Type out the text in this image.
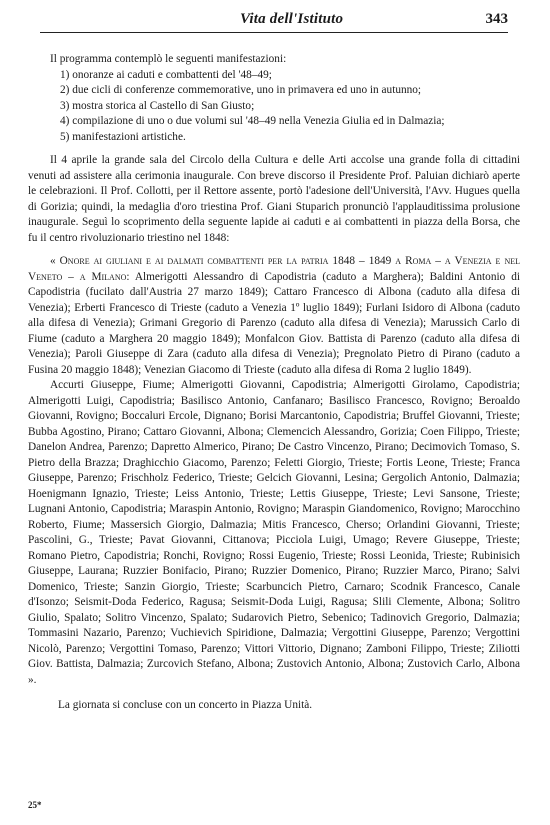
Vita dell'Istituto	343

Il programma contemplò le seguenti manifestazioni:

1) onoranze ai caduti e combattenti del '48–49;
2) due cicli di conferenze commemorative, uno in primavera ed uno in autunno;
3) mostra storica al Castello di San Giusto;
4) compilazione di uno o due volumi sul '48–49 nella Venezia Giulia ed in Dalmazia;
5) manifestazioni artistiche.

Il 4 aprile la grande sala del Circolo della Cultura e delle Arti accolse una grande folla di cittadini venuti ad assistere alla cerimonia inaugurale. Con breve discorso il Presidente Prof. Paluian dichiarò aperte le celebrazioni. Il Prof. Collotti, per il Rettore assente, portò l'adesione dell'Università, l'Avv. Hugues quella di Gorizia; quindi, la medaglia d'oro triestina Prof. Giani Stuparich pronunciò l'applauditissima prolusione inaugurale. Seguì lo scoprimento della seguente lapide ai caduti e ai combattenti in piazza della Borsa, che fu il centro rivoluzionario triestino nel 1848:

« Onore ai giuliani e ai dalmati combattenti per la patria 1848 – 1849 a Roma – a Venezia e nel Veneto – a Milano: Almerigotti Alessandro di Capodistria (caduto a Marghera); Baldini Antonio di Capodistria (fucilato dall'Austria 27 marzo 1849); Cattaro Francesco di Albona (caduto alla difesa di Venezia); Erberti Francesco di Trieste (caduto a Venezia 1º luglio 1849); Furlani Isidoro di Albona (caduto alla difesa di Venezia); Grimani Gregorio di Parenzo (caduto alla difesa di Venezia); Marussich Carlo di Fiume (caduto a Marghera 20 maggio 1849); Monfalcon Giov. Battista di Parenzo (caduto alla difesa di Venezia); Paroli Giuseppe di Zara (caduto alla difesa di Venezia); Pregnolato Pietro di Pirano (caduto a Fusina 20 maggio 1848); Venezian Giacomo di Trieste (caduto alla difesa di Roma 2 luglio 1849).

Accurti Giuseppe, Fiume; Almerigotti Giovanni, Capodistria; Almerigotti Girolamo, Capodistria; Almerigotti Luigi, Capodistria; Basilisco Antonio, Canfanaro; Basilisco Francesco, Rovigno; Beroaldo Giovanni, Rovigno; Boccaluri Ercole, Dignano; Borisi Marcantonio, Capodistria; Bruffel Giovanni, Trieste; Bubba Agostino, Pirano; Cattaro Giovanni, Albona; Clemencich Alessandro, Gorizia; Coen Filippo, Trieste; Danelon Andrea, Parenzo; Dapretto Almerico, Pirano; De Castro Vincenzo, Pirano; Decimovich Tomaso, S. Pietro della Brazza; Draghicchio Giacomo, Parenzo; Feletti Giorgio, Trieste; Fortis Leone, Trieste; Franca Giuseppe, Parenzo; Frischholz Federico, Trieste; Gelcich Giovanni, Lesina; Gergolich Antonio, Dalmazia; Hoenigmann Ignazio, Trieste; Leiss Antonio, Trieste; Lettis Giuseppe, Trieste; Levi Sansone, Trieste; Lugnani Antonio, Capodistria; Maraspin Antonio, Rovigno; Maraspin Giandomenico, Rovigno; Marocchino Roberto, Fiume; Massersich Giorgio, Dalmazia; Mitis Francesco, Cherso; Orlandini Giovanni, Trieste; Pascolini, G., Trieste; Pavat Giovanni, Cittanova; Picciola Luigi, Umago; Revere Giuseppe, Trieste; Romano Pietro, Capodistria; Ronchi, Rovigno; Rossi Eugenio, Trieste; Rossi Leonida, Trieste; Rubinisich Giuseppe, Laurana; Ruzzier Bonifacio, Pirano; Ruzzier Domenico, Pirano; Ruzzier Marco, Pirano; Salvi Domenico, Trieste; Sanzin Giorgio, Trieste; Scarbuncich Pietro, Carnaro; Scodnik Francesco, Canale d'Isonzo; Seismit-Doda Federico, Ragusa; Seismit-Doda Luigi, Ragusa; Slili Clemente, Albona; Solitro Giulio, Spalato; Solitro Vincenzo, Spalato; Sudarovich Pietro, Sebenico; Tadinovich Gregorio, Dalmazia; Tommasini Nazario, Parenzo; Vuchievich Spiridione, Dalmazia; Vergottini Giuseppe, Parenzo; Vergottini Nicolò, Parenzo; Vergottini Tomaso, Parenzo; Vittori Vittorio, Dignano; Zamboni Filippo, Trieste; Ziliotti Giov. Battista, Dalmazia; Zurcovich Stefano, Albona; Zustovich Antonio, Albona; Zustovich Carlo, Albona ».

La giornata si concluse con un concerto in Piazza Unità.

25*
